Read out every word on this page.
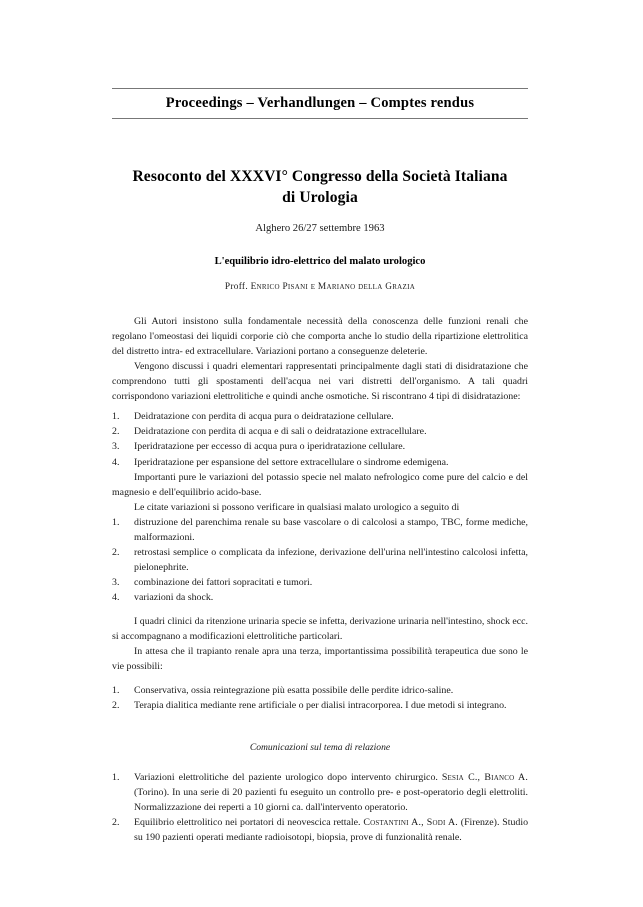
Proceedings – Verhandlungen – Comptes rendus
Resoconto del XXXVI° Congresso della Società Italiana
di Urologia
Alghero 26/27 settembre 1963
L'equilibrio idro-elettrico del malato urologico
Proff. Enrico Pisani e Mariano della Grazia

Gli Autori insistono sulla fondamentale necessità della conoscenza delle funzioni renali che regolano l'omeostasi dei liquidi corporie ciò che comporta anche lo studio della ripartizione elettrolitica del distretto intra- ed extracellulare. Variazioni portano a conseguenze deleterie.

Vengono discussi i quadri elementari rappresentati principalmente dagli stati di disidratazione che comprendono tutti gli spostamenti dell'acqua nei vari distretti dell'organismo. A tali quadri corrispondono variazioni elettrolitiche e quindi anche osmotiche. Si riscontrano 4 tipi di disidratazione:

Deidratazione con perdita di acqua pura o deidratazione cellulare.
Deidratazione con perdita di acqua e di sali o deidratazione extracellulare.
Iperidratazione per eccesso di acqua pura o iperidratazione cellulare.
Iperidratazione per espansione del settore extracellulare o sindrome edemigena.

Importanti pure le variazioni del potassio specie nel malato nefrologico come pure del calcio e del magnesio e dell'equilibrio acido-base.

Le citate variazioni si possono verificare in qualsiasi malato urologico a seguito di

distruzione del parenchima renale su base vascolare o di calcolosi a stampo, TBC, forme mediche, malformazioni.
retrostasi semplice o complicata da infezione, derivazione dell'urina nell'intestino calcolosi infetta, pielonephrite.
combinazione dei fattori sopracitati e tumori.
variazioni da shock.

I quadri clinici da ritenzione urinaria specie se infetta, derivazione urinaria nell'intestino, shock ecc. si accompagnano a modificazioni elettrolitiche particolari.

In attesa che il trapianto renale apra una terza, importantissima possibilità terapeutica due sono le vie possibili:

Conservativa, ossia reintegrazione più esatta possibile delle perdite idrico-saline.
Terapia dialitica mediante rene artificiale o per dialisi intracorporea. I due metodi si integrano.
Comunicazioni sul tema di relazione
Variazioni elettrolitiche del paziente urologico dopo intervento chirurgico. Sesia C., Bianco A. (Torino). In una serie di 20 pazienti fu eseguito un controllo pre- e post-operatorio degli elettroliti. Normalizzazione dei reperti a 10 giorni ca. dall'intervento operatorio.
Equilibrio elettrolitico nei portatori di neovescica rettale. Costantini A., Sodi A. (Firenze). Studio su 190 pazienti operati mediante radioisotopi, biopsia, prove di funzionalità renale.
